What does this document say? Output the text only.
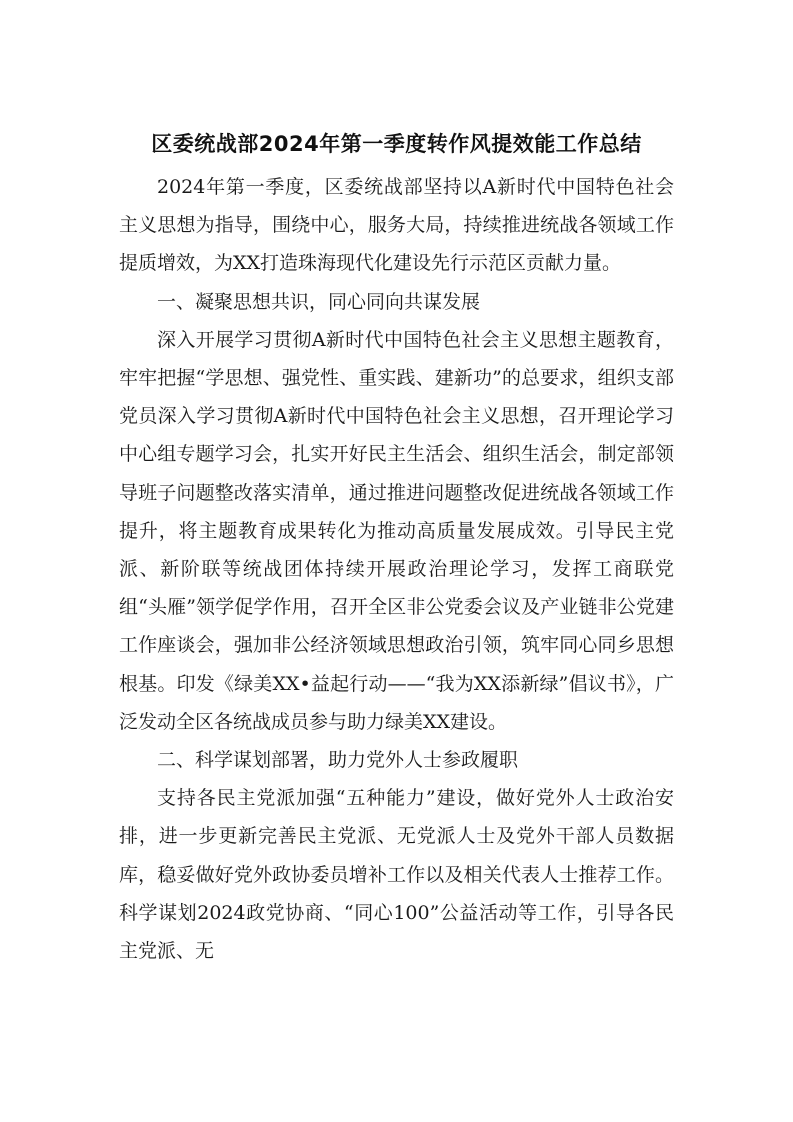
区委统战部2024年第一季度转作风提效能工作总结

2024年第一季度，区委统战部坚持以A新时代中国特色社会主义思想为指导，围绕中心，服务大局，持续推进统战各领域工作提质增效，为XX打造珠海现代化建设先行示范区贡献力量。

一、凝聚思想共识，同心同向共谋发展

深入开展学习贯彻A新时代中国特色社会主义思想主题教育，牢牢把握“学思想、强党性、重实践、建新功”的总要求，组织支部党员深入学习贯彻A新时代中国特色社会主义思想，召开理论学习中心组专题学习会，扎实开好民主生活会、组织生活会，制定部领导班子问题整改落实清单，通过推进问题整改促进统战各领域工作提升，将主题教育成果转化为推动高质量发展成效。引导民主党派、新阶联等统战团体持续开展政治理论学习，发挥工商联党组“头雁”领学促学作用，召开全区非公党委会议及产业链非公党建工作座谈会，强加非公经济领域思想政治引领，筑牢同心同乡思想根基。印发《绿美XX•益起行动——“我为XX添新绿”倡议书》，广泛发动全区各统战成员参与助力绿美XX建设。

二、科学谋划部署，助力党外人士参政履职

支持各民主党派加强“五种能力”建设，做好党外人士政治安排，进一步更新完善民主党派、无党派人士及党外干部人员数据库，稳妥做好党外政协委员增补工作以及相关代表人士推荐工作。科学谋划2024政党协商、“同心100”公益活动等工作，引导各民主党派、无
